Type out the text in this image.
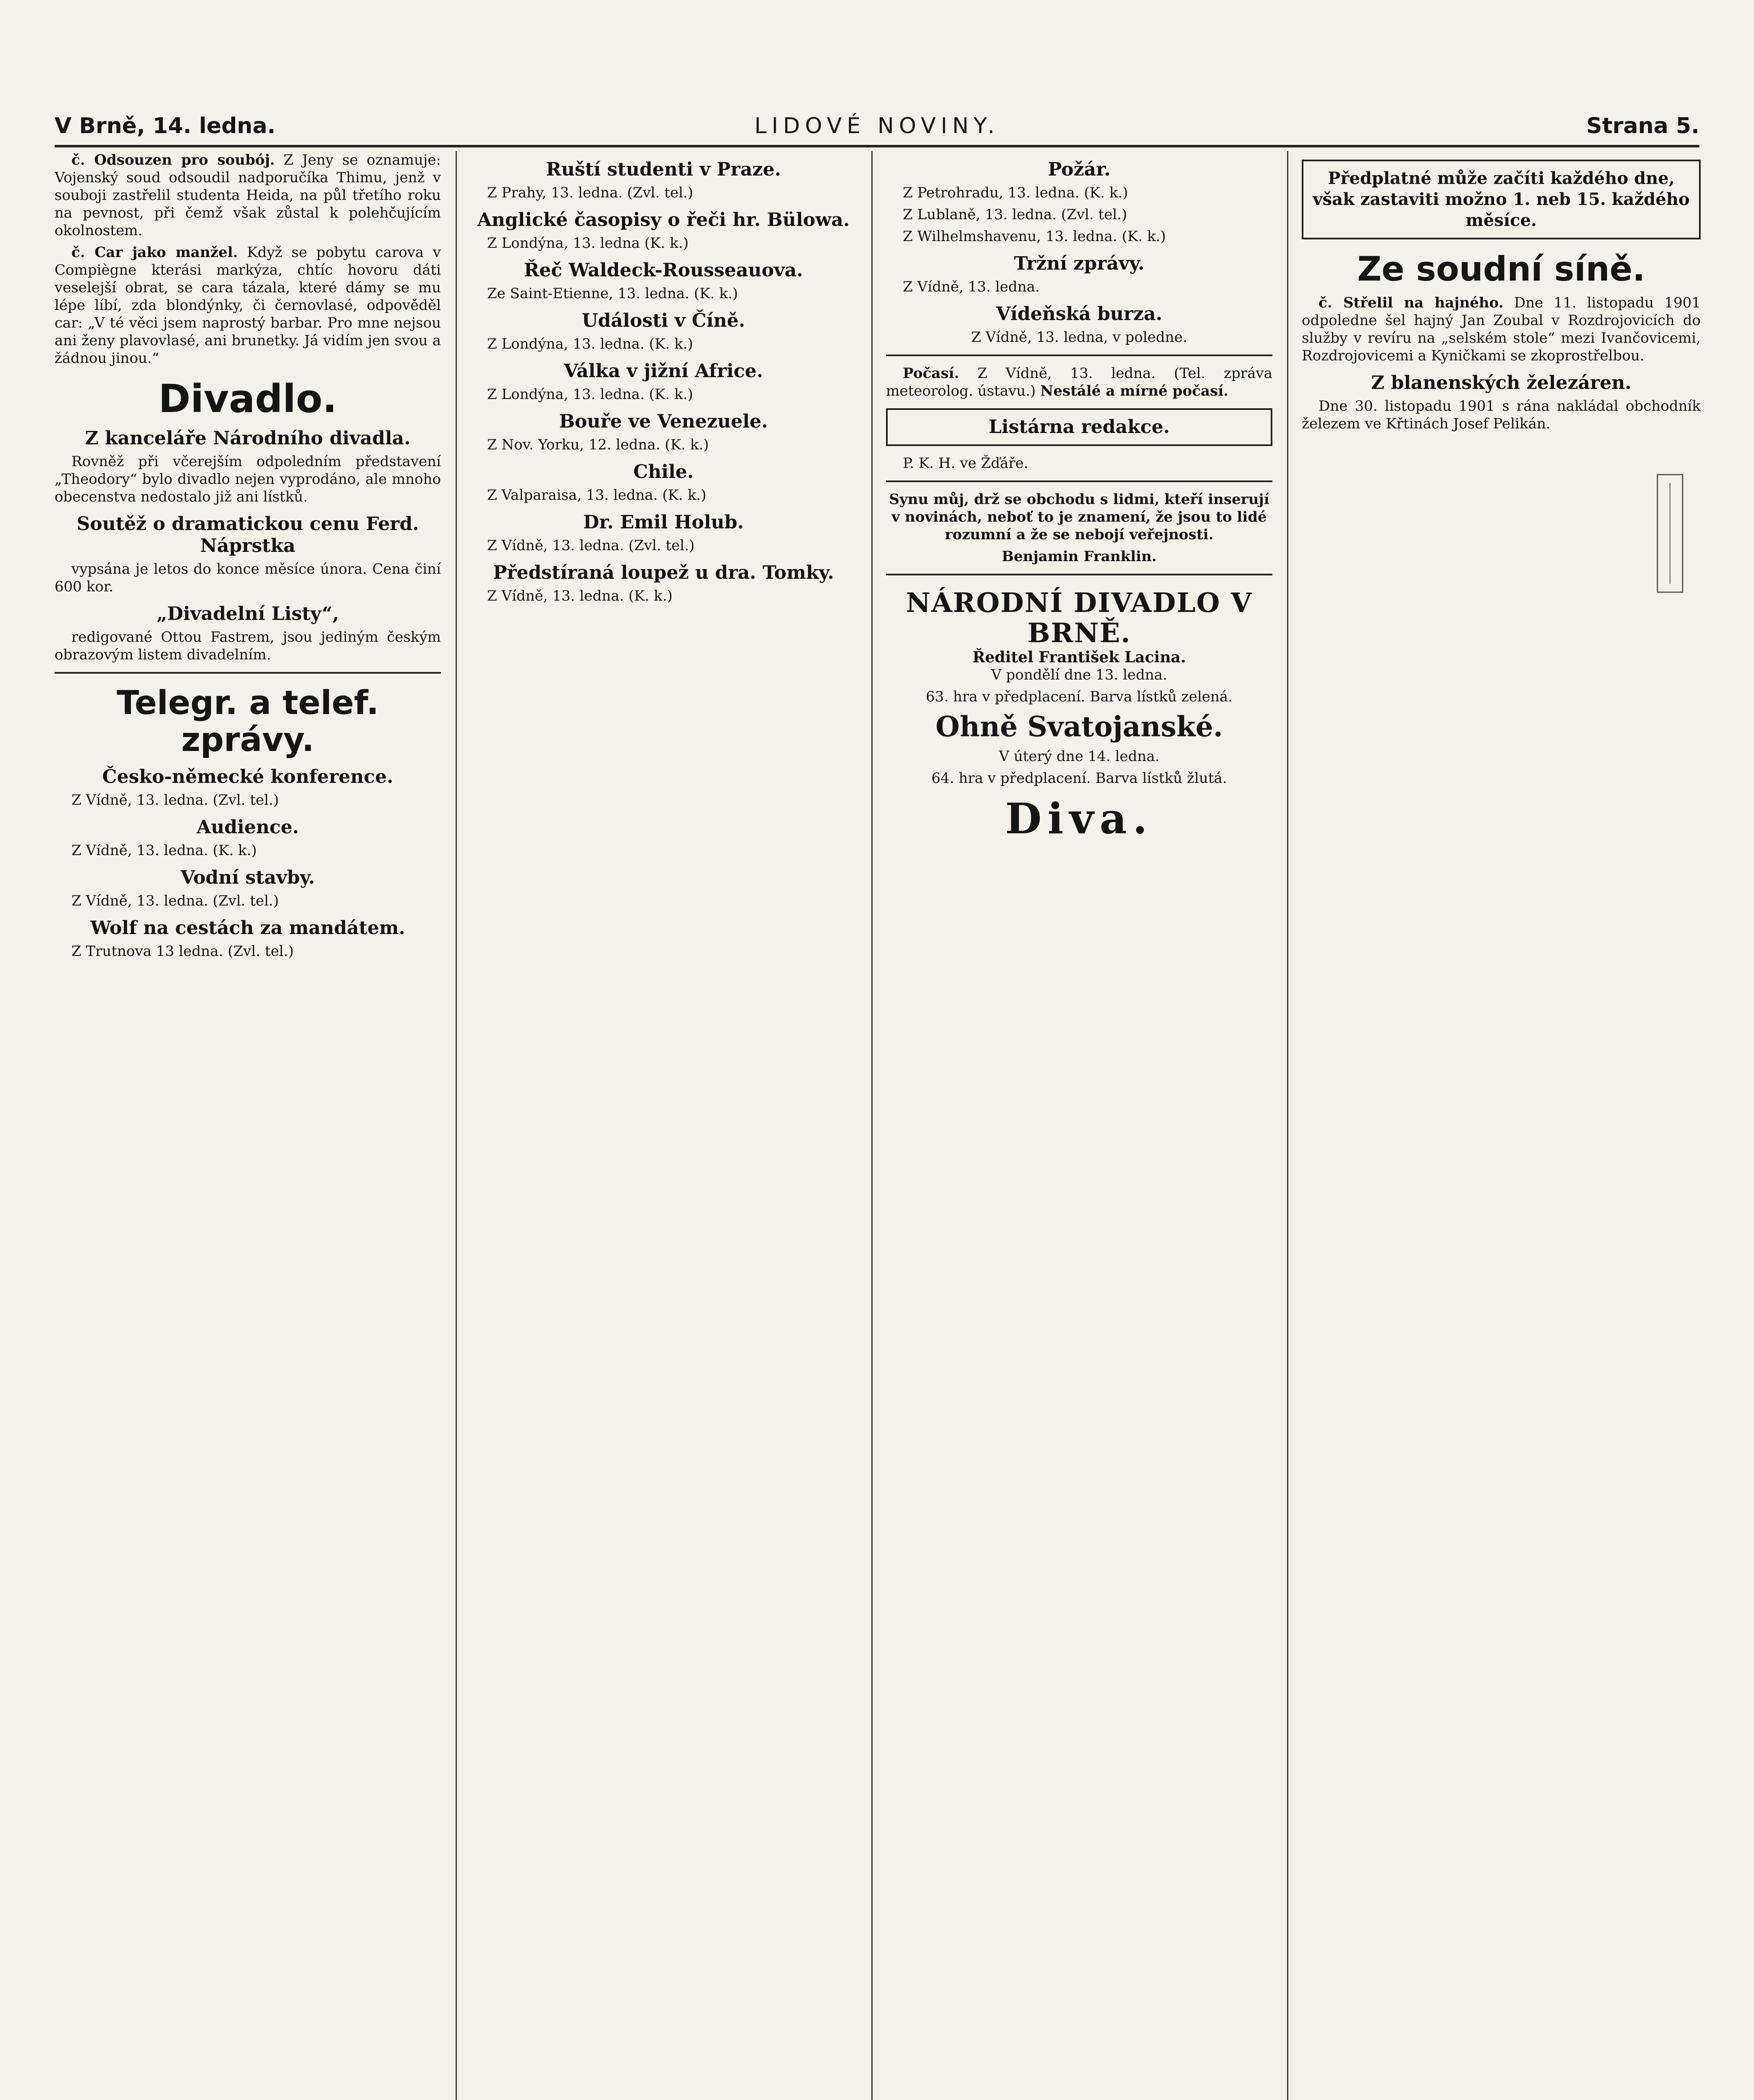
V Brně, 14. ledna.	LIDOVÉ NOVINY.	Strana 5.

č. Odsouzen pro soubój. Z Jeny se oznamuje: Vojenský soud odsoudil nadporučíka Thimu, jenž v souboji zastřelil studenta Heida, na půl třetího roku na pevnost, při čemž však zůstal k polehčujícím okolnostem.

č. Car jako manžel. Když se pobytu carova v Compiègne kterási markýza, chtíc hovoru dáti veselejší obrat, se cara tázala, které dámy se mu lépe líbí, zda blondýnky, či černovlasé, odpověděl car: „V té věci jsem naprostý barbar. Pro mne nejsou ani ženy plavovlasé, ani brunetky. Já vidím jen svou a žádnou jinou.“

Divadlo.
Z kanceláře Národního divadla.

Rovněž při včerejším odpoledním představení „Theodory“ bylo divadlo nejen vyprodáno, ale mnoho obecenstva nedostalo již ani lístků.

Soutěž o dramatickou cenu Ferd. Náprstka

vypsána je letos do konce měsíce února. Cena činí 600 kor.

„Divadelní Listy“,

redigované Ottou Fastrem, jsou jediným českým obrazovým listem divadelním.

Telegr. a telef. zprávy.
Česko-německé konference.

Z Vídně, 13. ledna. (Zvl. tel.)

Audience.

Z Vídně, 13. ledna. (K. k.)

Vodní stavby.

Z Vídně, 13. ledna. (Zvl. tel.)

Wolf na cestách za mandátem.

Z Trutnova 13 ledna. (Zvl. tel.)

Ruští studenti v Praze.

Z Prahy, 13. ledna. (Zvl. tel.)

Anglické časopisy o řeči hr. Bülowa.

Z Londýna, 13. ledna (K. k.)

Řeč Waldeck-Rousseauova.

Ze Saint-Etienne, 13. ledna. (K. k.)

Události v Číně.

Z Londýna, 13. ledna. (K. k.)

Válka v jižní Africe.

Z Londýna, 13. ledna. (K. k.)

Bouře ve Venezuele.

Z Nov. Yorku, 12. ledna. (K. k.)

Chile.

Z Valparaisa, 13. ledna. (K. k.)

Dr. Emil Holub.

Z Vídně, 13. ledna. (Zvl. tel.)

Předstíraná loupež u dra. Tomky.

Z Vídně, 13. ledna. (K. k.)

Požár.

Z Petrohradu, 13. ledna. (K. k.)

Z Lublaně, 13. ledna. (Zvl. tel.)

Z Wilhelmshavenu, 13. ledna. (K. k.)

Tržní zprávy.

Z Vídně, 13. ledna.

Vídeňská burza.

Z Vídně, 13. ledna, v poledne.

Počasí. Z Vídně, 13. ledna. (Tel. zpráva meteorolog. ústavu.) Nestálé a mírné počasí.

Listárna redakce.

P. K. H. ve Žďáře.

Synu můj, drž se obchodu s lidmi, kteří inserují v novinách, neboť to je znamení, že jsou to lidé rozumní a že se nebojí veřejnosti.

Benjamin Franklin.

NÁRODNÍ DIVADLO V BRNĚ.
Ředitel František Lacina.

V pondělí dne 13. ledna.

63. hra v předplacení. Barva lístků zelená.

Ohně Svatojanské.

V úterý dne 14. ledna.

64. hra v předplacení. Barva lístků žlutá.

Diva.
Předplatné může začíti každého dne, však zastaviti možno 1. neb 15. každého měsíce.
Ze soudní síně.

č. Střelil na hajného. Dne 11. listopadu 1901 odpoledne šel hajný Jan Zoubal v Rozdrojovicích do služby v revíru na „selském stole“ mezi Ivančovicemi, Rozdrojovicemi a Kyničkami se zkoprostřelbou.

Z blanenských železáren.

Dne 30. listopadu 1901 s rána nakládal obchodník železem ve Křtinách Josef Pelikán.
